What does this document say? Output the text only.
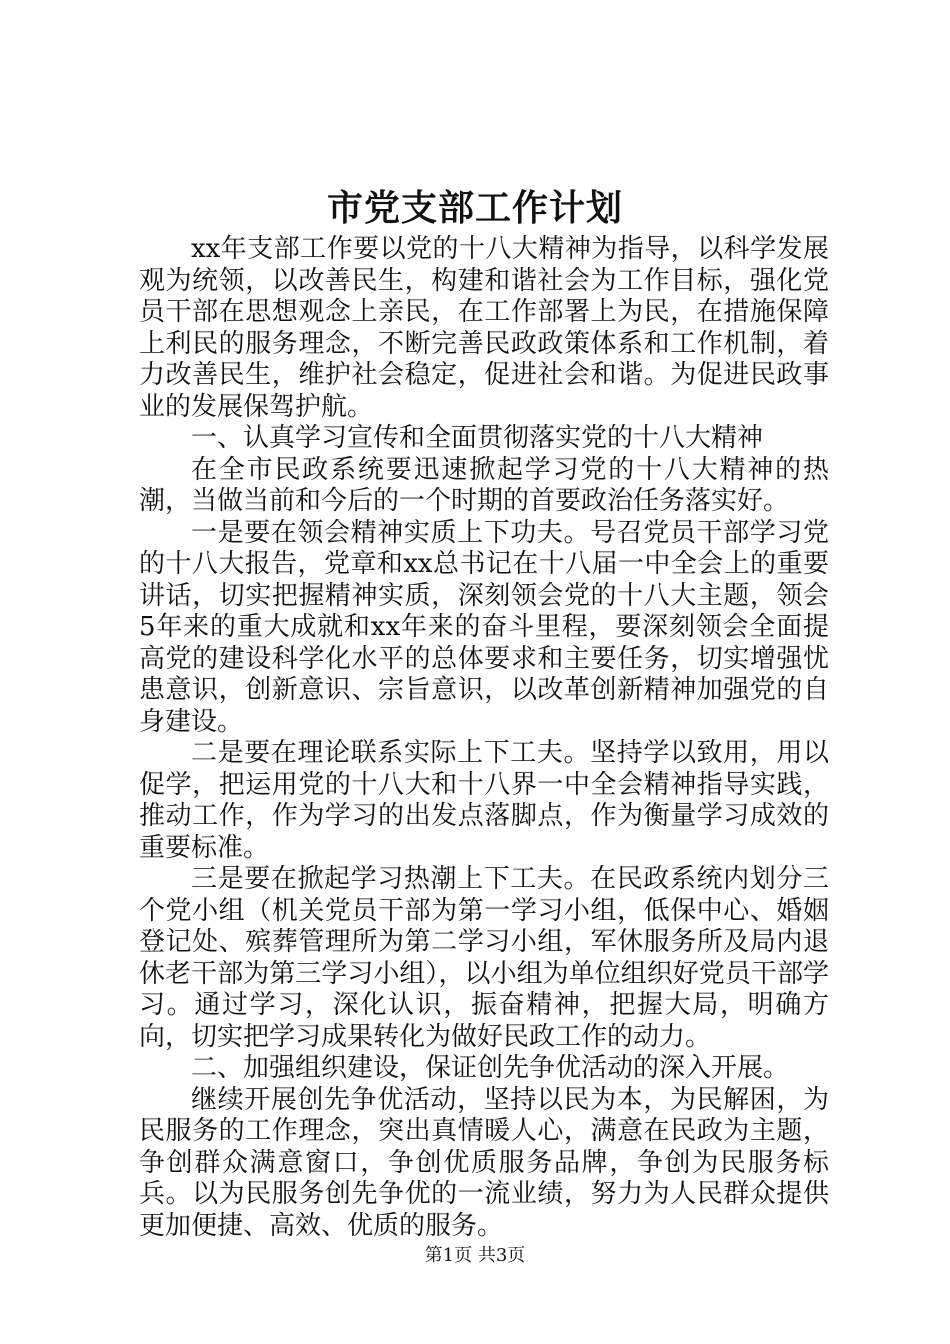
市党支部工作计划

xx年支部工作要以党的十八大精神为指导，以科学发展观为统领，以改善民生，构建和谐社会为工作目标，强化党员干部在思想观念上亲民，在工作部署上为民，在措施保障上利民的服务理念，不断完善民政政策体系和工作机制，着力改善民生，维护社会稳定，促进社会和谐。为促进民政事业的发展保驾护航。

一、认真学习宣传和全面贯彻落实党的十八大精神

在全市民政系统要迅速掀起学习党的十八大精神的热潮，当做当前和今后的一个时期的首要政治任务落实好。

一是要在领会精神实质上下功夫。号召党员干部学习党的十八大报告，党章和xx总书记在十八届一中全会上的重要讲话，切实把握精神实质，深刻领会党的十八大主题，领会5年来的重大成就和xx年来的奋斗里程，要深刻领会全面提高党的建设科学化水平的总体要求和主要任务，切实增强忧患意识，创新意识、宗旨意识，以改革创新精神加强党的自身建设。

二是要在理论联系实际上下工夫。坚持学以致用，用以促学，把运用党的十八大和十八界一中全会精神指导实践，推动工作，作为学习的出发点落脚点，作为衡量学习成效的重要标准。

三是要在掀起学习热潮上下工夫。在民政系统内划分三个党小组（机关党员干部为第一学习小组，低保中心、婚姻登记处、殡葬管理所为第二学习小组，军休服务所及局内退休老干部为第三学习小组），以小组为单位组织好党员干部学习。通过学习，深化认识，振奋精神，把握大局，明确方向，切实把学习成果转化为做好民政工作的动力。

二、加强组织建设，保证创先争优活动的深入开展。

继续开展创先争优活动，坚持以民为本，为民解困，为民服务的工作理念，突出真情暖人心，满意在民政为主题，争创群众满意窗口，争创优质服务品牌，争创为民服务标兵。以为民服务创先争优的一流业绩，努力为人民群众提供更加便捷、高效、优质的服务。

第1页 共3页
